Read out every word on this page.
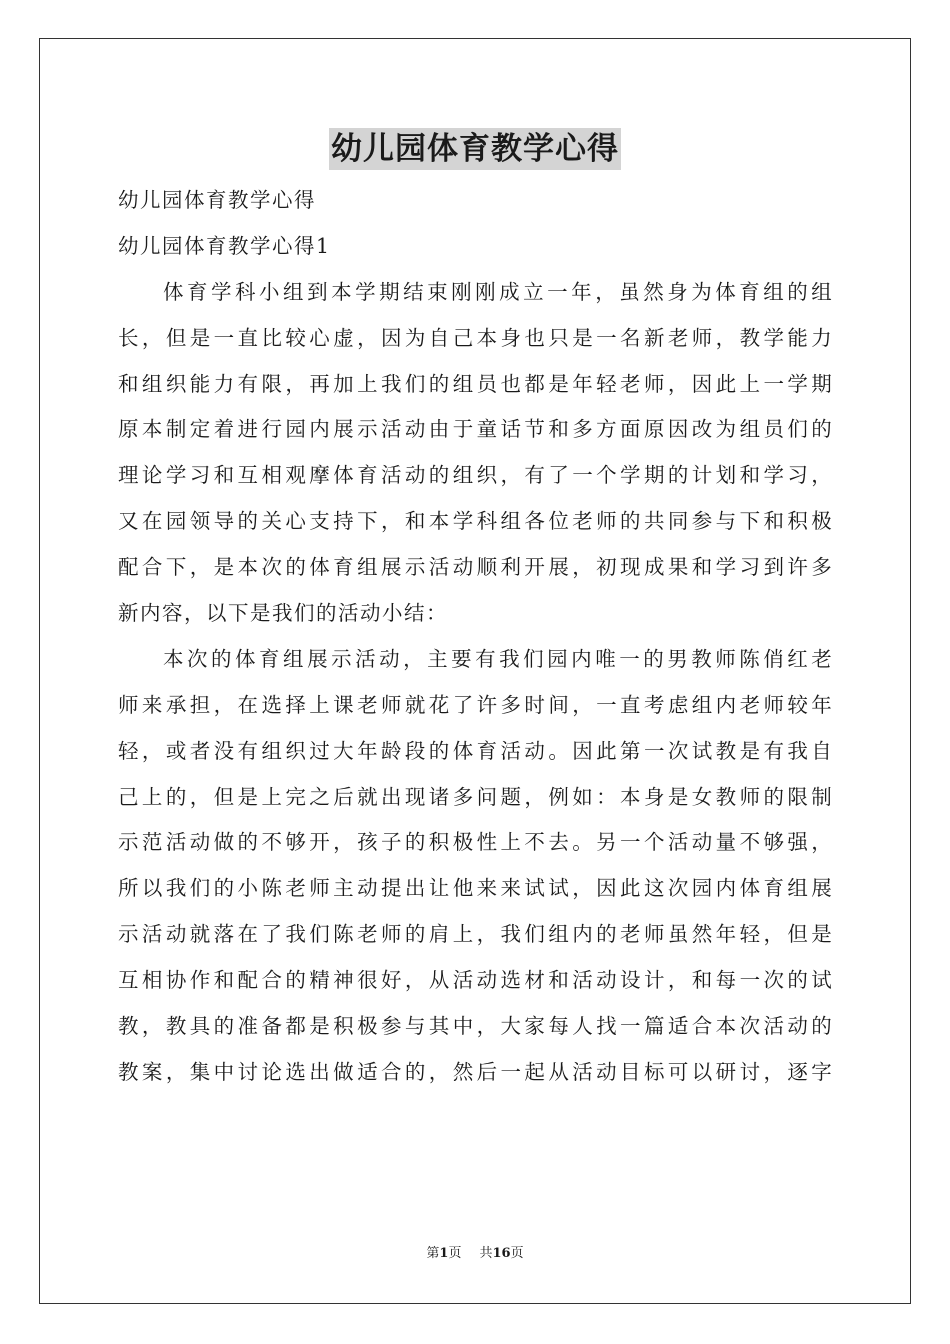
幼儿园体育教学心得
幼儿园体育教学心得
幼儿园体育教学心得1
体育学科小组到本学期结束刚刚成立一年，虽然身为体育组的组
长，但是一直比较心虚，因为自己本身也只是一名新老师，教学能力
和组织能力有限，再加上我们的组员也都是年轻老师，因此上一学期
原本制定着进行园内展示活动由于童话节和多方面原因改为组员们的
理论学习和互相观摩体育活动的组织，有了一个学期的计划和学习，
又在园领导的关心支持下，和本学科组各位老师的共同参与下和积极
配合下，是本次的体育组展示活动顺利开展，初现成果和学习到许多
新内容，以下是我们的活动小结：
本次的体育组展示活动，主要有我们园内唯一的男教师陈俏红老
师来承担，在选择上课老师就花了许多时间，一直考虑组内老师较年
轻，或者没有组织过大年龄段的体育活动。因此第一次试教是有我自
己上的，但是上完之后就出现诸多问题，例如：本身是女教师的限制
示范活动做的不够开，孩子的积极性上不去。另一个活动量不够强，
所以我们的小陈老师主动提出让他来来试试，因此这次园内体育组展
示活动就落在了我们陈老师的肩上，我们组内的老师虽然年轻，但是
互相协作和配合的精神很好，从活动选材和活动设计，和每一次的试
教，教具的准备都是积极参与其中，大家每人找一篇适合本次活动的
教案，集中讨论选出做适合的，然后一起从活动目标可以研讨，逐字
第1页 共16页
